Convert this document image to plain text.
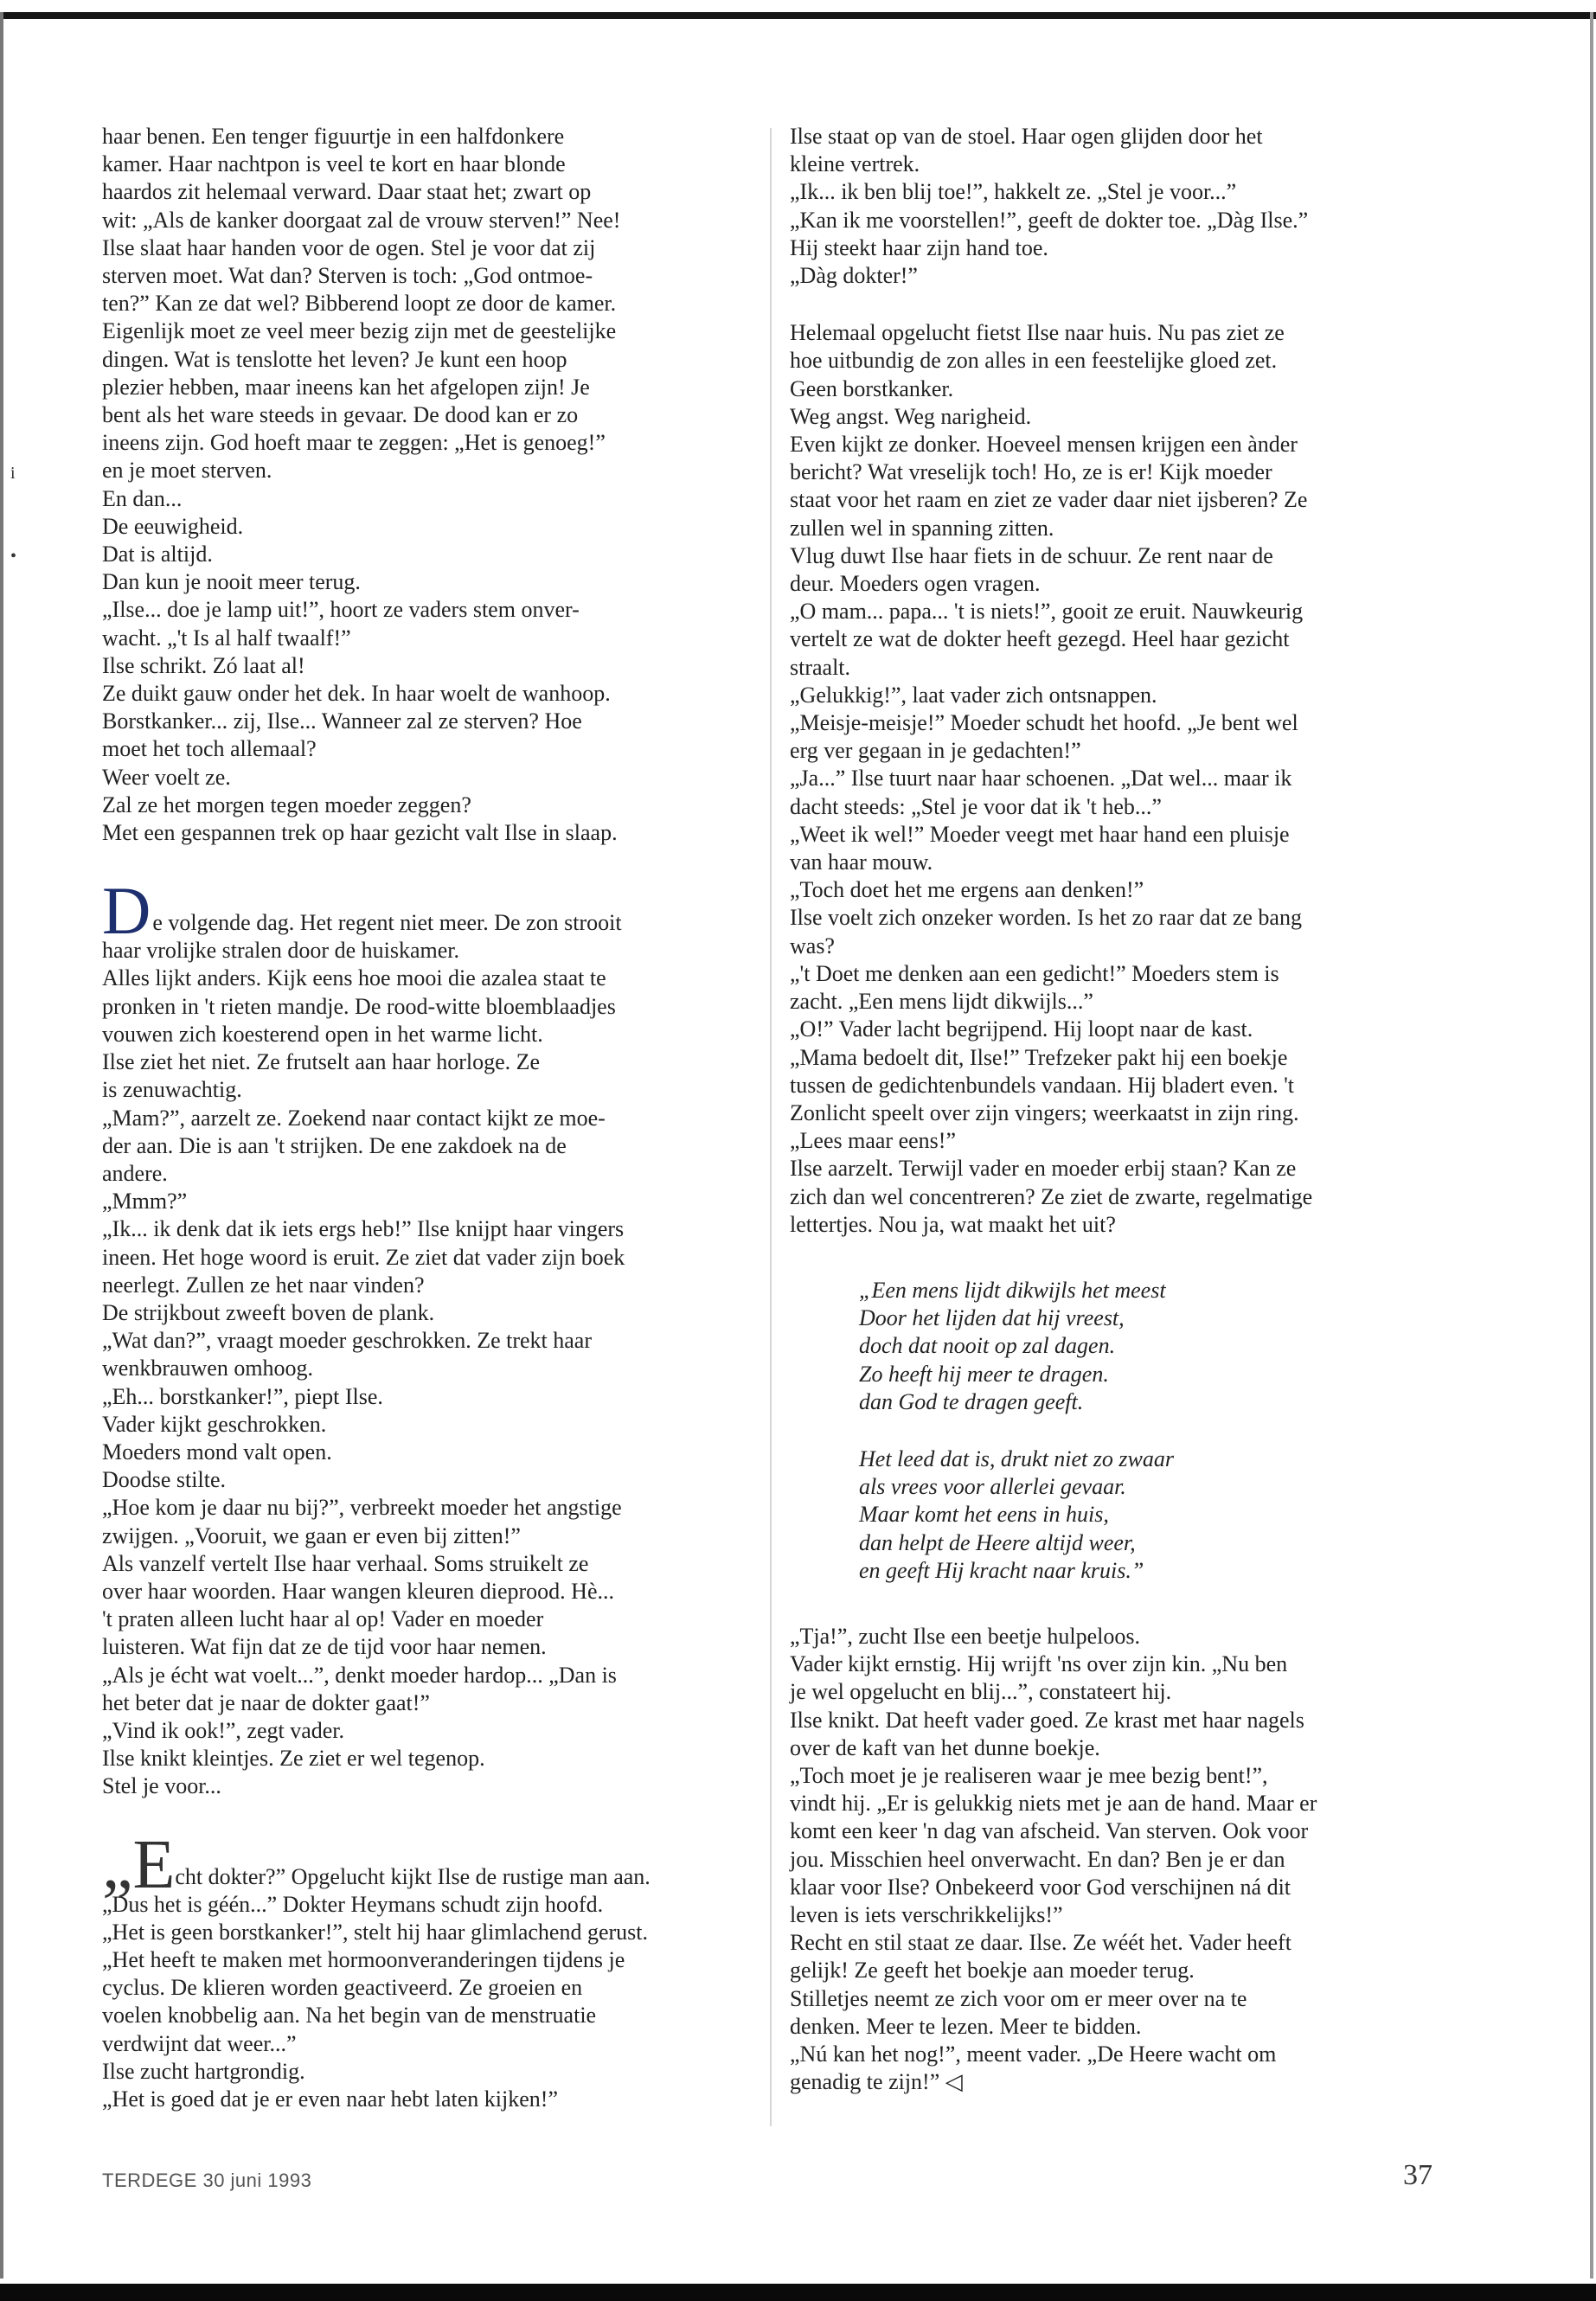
i
•

haar benen. Een tenger figuurtje in een halfdonkere

kamer. Haar nachtpon is veel te kort en haar blonde

haardos zit helemaal verward. Daar staat het; zwart op

wit: „Als de kanker doorgaat zal de vrouw sterven!” Nee!

Ilse slaat haar handen voor de ogen. Stel je voor dat zij

sterven moet. Wat dan? Sterven is toch: „God ontmoe-

ten?” Kan ze dat wel? Bibberend loopt ze door de kamer.

Eigenlijk moet ze veel meer bezig zijn met de geestelijke

dingen. Wat is tenslotte het leven? Je kunt een hoop

plezier hebben, maar ineens kan het afgelopen zijn! Je

bent als het ware steeds in gevaar. De dood kan er zo

ineens zijn. God hoeft maar te zeggen: „Het is genoeg!”

en je moet sterven.

En dan...

De eeuwigheid.

Dat is altijd.

Dan kun je nooit meer terug.

„Ilse... doe je lamp uit!”, hoort ze vaders stem onver-

wacht. „'t Is al half twaalf!”

Ilse schrikt. Zó laat al!

Ze duikt gauw onder het dek. In haar woelt de wanhoop.

Borstkanker... zij, Ilse... Wanneer zal ze sterven? Hoe

moet het toch allemaal?

Weer voelt ze.

Zal ze het morgen tegen moeder zeggen?

Met een gespannen trek op haar gezicht valt Ilse in slaap.

De volgende dag. Het regent niet meer. De zon strooit

haar vrolijke stralen door de huiskamer.

Alles lijkt anders. Kijk eens hoe mooi die azalea staat te

pronken in 't rieten mandje. De rood-witte bloemblaadjes

vouwen zich koesterend open in het warme licht.

Ilse ziet het niet. Ze frutselt aan haar horloge. Ze

is zenuwachtig.

„Mam?”, aarzelt ze. Zoekend naar contact kijkt ze moe-

der aan. Die is aan 't strijken. De ene zakdoek na de

andere.

„Mmm?”

„Ik... ik denk dat ik iets ergs heb!” Ilse knijpt haar vingers

ineen. Het hoge woord is eruit. Ze ziet dat vader zijn boek

neerlegt. Zullen ze het naar vinden?

De strijkbout zweeft boven de plank.

„Wat dan?”, vraagt moeder geschrokken. Ze trekt haar

wenkbrauwen omhoog.

„Eh... borstkanker!”, piept Ilse.

Vader kijkt geschrokken.

Moeders mond valt open.

Doodse stilte.

„Hoe kom je daar nu bij?”, verbreekt moeder het angstige

zwijgen. „Vooruit, we gaan er even bij zitten!”

Als vanzelf vertelt Ilse haar verhaal. Soms struikelt ze

over haar woorden. Haar wangen kleuren dieprood. Hè...

't praten alleen lucht haar al op! Vader en moeder

luisteren. Wat fijn dat ze de tijd voor haar nemen.

„Als je écht wat voelt...”, denkt moeder hardop... „Dan is

het beter dat je naar de dokter gaat!”

„Vind ik ook!”, zegt vader.

Ilse knikt kleintjes. Ze ziet er wel tegenop.

Stel je voor...

„Echt dokter?” Opgelucht kijkt Ilse de rustige man aan.

„Dus het is géén...” Dokter Heymans schudt zijn hoofd.

„Het is geen borstkanker!”, stelt hij haar glimlachend gerust.

„Het heeft te maken met hormoonveranderingen tijdens je

cyclus. De klieren worden geactiveerd. Ze groeien en

voelen knobbelig aan. Na het begin van de menstruatie

verdwijnt dat weer...”

Ilse zucht hartgrondig.

„Het is goed dat je er even naar hebt laten kijken!”

Ilse staat op van de stoel. Haar ogen glijden door het

kleine vertrek.

„Ik... ik ben blij toe!”, hakkelt ze. „Stel je voor...”

„Kan ik me voorstellen!”, geeft de dokter toe. „Dàg Ilse.”

Hij steekt haar zijn hand toe.

„Dàg dokter!”

Helemaal opgelucht fietst Ilse naar huis. Nu pas ziet ze

hoe uitbundig de zon alles in een feestelijke gloed zet.

Geen borstkanker.

Weg angst. Weg narigheid.

Even kijkt ze donker. Hoeveel mensen krijgen een ànder

bericht? Wat vreselijk toch! Ho, ze is er! Kijk moeder

staat voor het raam en ziet ze vader daar niet ijsberen? Ze

zullen wel in spanning zitten.

Vlug duwt Ilse haar fiets in de schuur. Ze rent naar de

deur. Moeders ogen vragen.

„O mam... papa... 't is niets!”, gooit ze eruit. Nauwkeurig

vertelt ze wat de dokter heeft gezegd. Heel haar gezicht

straalt.

„Gelukkig!”, laat vader zich ontsnappen.

„Meisje-meisje!” Moeder schudt het hoofd. „Je bent wel

erg ver gegaan in je gedachten!”

„Ja...” Ilse tuurt naar haar schoenen. „Dat wel... maar ik

dacht steeds: „Stel je voor dat ik 't heb...”

„Weet ik wel!” Moeder veegt met haar hand een pluisje

van haar mouw.

„Toch doet het me ergens aan denken!”

Ilse voelt zich onzeker worden. Is het zo raar dat ze bang

was?

„'t Doet me denken aan een gedicht!” Moeders stem is

zacht. „Een mens lijdt dikwijls...”

„O!” Vader lacht begrijpend. Hij loopt naar de kast.

„Mama bedoelt dit, Ilse!” Trefzeker pakt hij een boekje

tussen de gedichtenbundels vandaan. Hij bladert even. 't

Zonlicht speelt over zijn vingers; weerkaatst in zijn ring.

„Lees maar eens!”

Ilse aarzelt. Terwijl vader en moeder erbij staan? Kan ze

zich dan wel concentreren? Ze ziet de zwarte, regelmatige

lettertjes. Nou ja, wat maakt het uit?

„Een mens lijdt dikwijls het meest

Door het lijden dat hij vreest,

doch dat nooit op zal dagen.

Zo heeft hij meer te dragen.

dan God te dragen geeft.

Het leed dat is, drukt niet zo zwaar

als vrees voor allerlei gevaar.

Maar komt het eens in huis,

dan helpt de Heere altijd weer,

en geeft Hij kracht naar kruis.”

„Tja!”, zucht Ilse een beetje hulpeloos.

Vader kijkt ernstig. Hij wrijft 'ns over zijn kin. „Nu ben

je wel opgelucht en blij...”, constateert hij.

Ilse knikt. Dat heeft vader goed. Ze krast met haar nagels

over de kaft van het dunne boekje.

„Toch moet je je realiseren waar je mee bezig bent!”,

vindt hij. „Er is gelukkig niets met je aan de hand. Maar er

komt een keer 'n dag van afscheid. Van sterven. Ook voor

jou. Misschien heel onverwacht. En dan? Ben je er dan

klaar voor Ilse? Onbekeerd voor God verschijnen ná dit

leven is iets verschrikkelijks!”

Recht en stil staat ze daar. Ilse. Ze wéét het. Vader heeft

gelijk! Ze geeft het boekje aan moeder terug.

Stilletjes neemt ze zich voor om er meer over na te

denken. Meer te lezen. Meer te bidden.

„Nú kan het nog!”, meent vader. „De Heere wacht om

genadig te zijn!” ◁

TERDEGE 30 juni 1993	37
